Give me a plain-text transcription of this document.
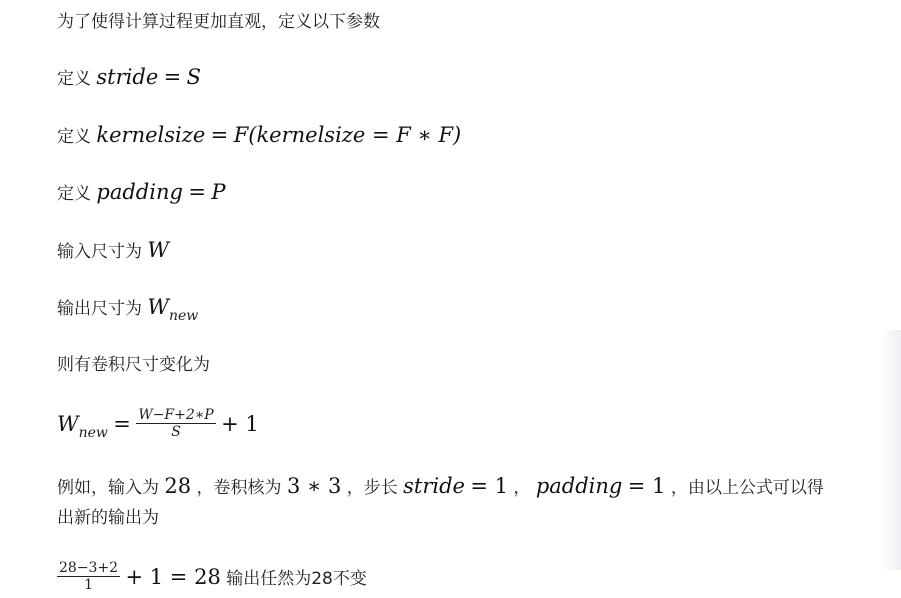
为了使得计算过程更加直观，定义以下参数
定义 stride = S
定义 kernelsize = F(kernelsize = F ∗ F)
定义 padding = P
输入尺寸为 W
输出尺寸为 $W_{new}$
则有卷积尺寸变化为
$W_{new} = \frac{W-F+2∗P}{S} + 1$
例如，输入为 28 ，卷积核为 3 ∗ 3 ，步长 stride = 1 ， padding = 1 ，由以上公式可以得
出新的输出为
$\frac{28-3+2}{1} + 1 = 28$ 输出任然为28不变
